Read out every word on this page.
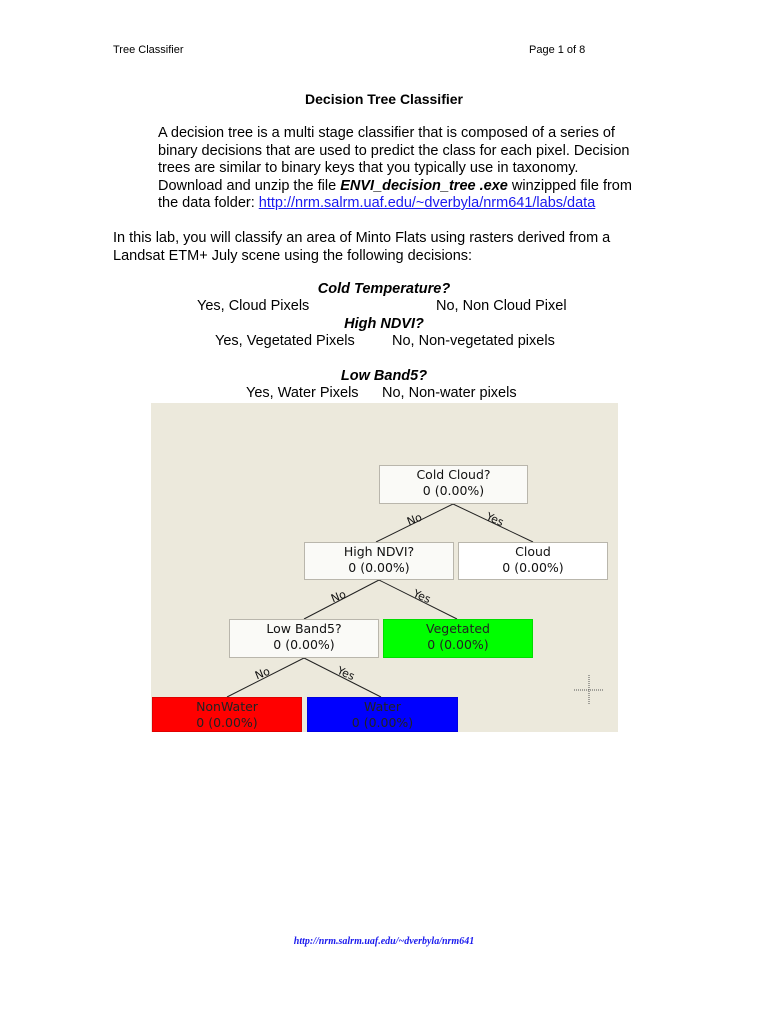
Tree Classifier	Page 1 of 8
Decision Tree Classifier
A decision tree is a multi stage classifier that is composed of a series of binary decisions that are used to predict the class for each pixel. Decision trees are similar to binary keys that you typically use in taxonomy.
Download and unzip the file ENVI_decision_tree .exe winzipped file from the data folder: http://nrm.salrm.uaf.edu/~dverbyla/nrm641/labs/data
In this lab, you will classify an area of Minto Flats using rasters derived from a Landsat ETM+ July scene using the following decisions:
Cold Temperature?
Yes, Cloud Pixels	No, Non Cloud Pixel
High NDVI?
Yes, Vegetated Pixels	No, Non-vegetated pixels
Low Band5?
Yes, Water Pixels No, Non-water pixels
No	Yes
No	Yes
No	Yes
Cold Cloud?
0 (0.00%)
High NDVI?
0 (0.00%)
Cloud
0 (0.00%)
Low Band5?
0 (0.00%)
Vegetated
0 (0.00%)
NonWater
0 (0.00%)
Water
0 (0.00%)
http://nrm.salrm.uaf.edu/~dverbyla/nrm641
